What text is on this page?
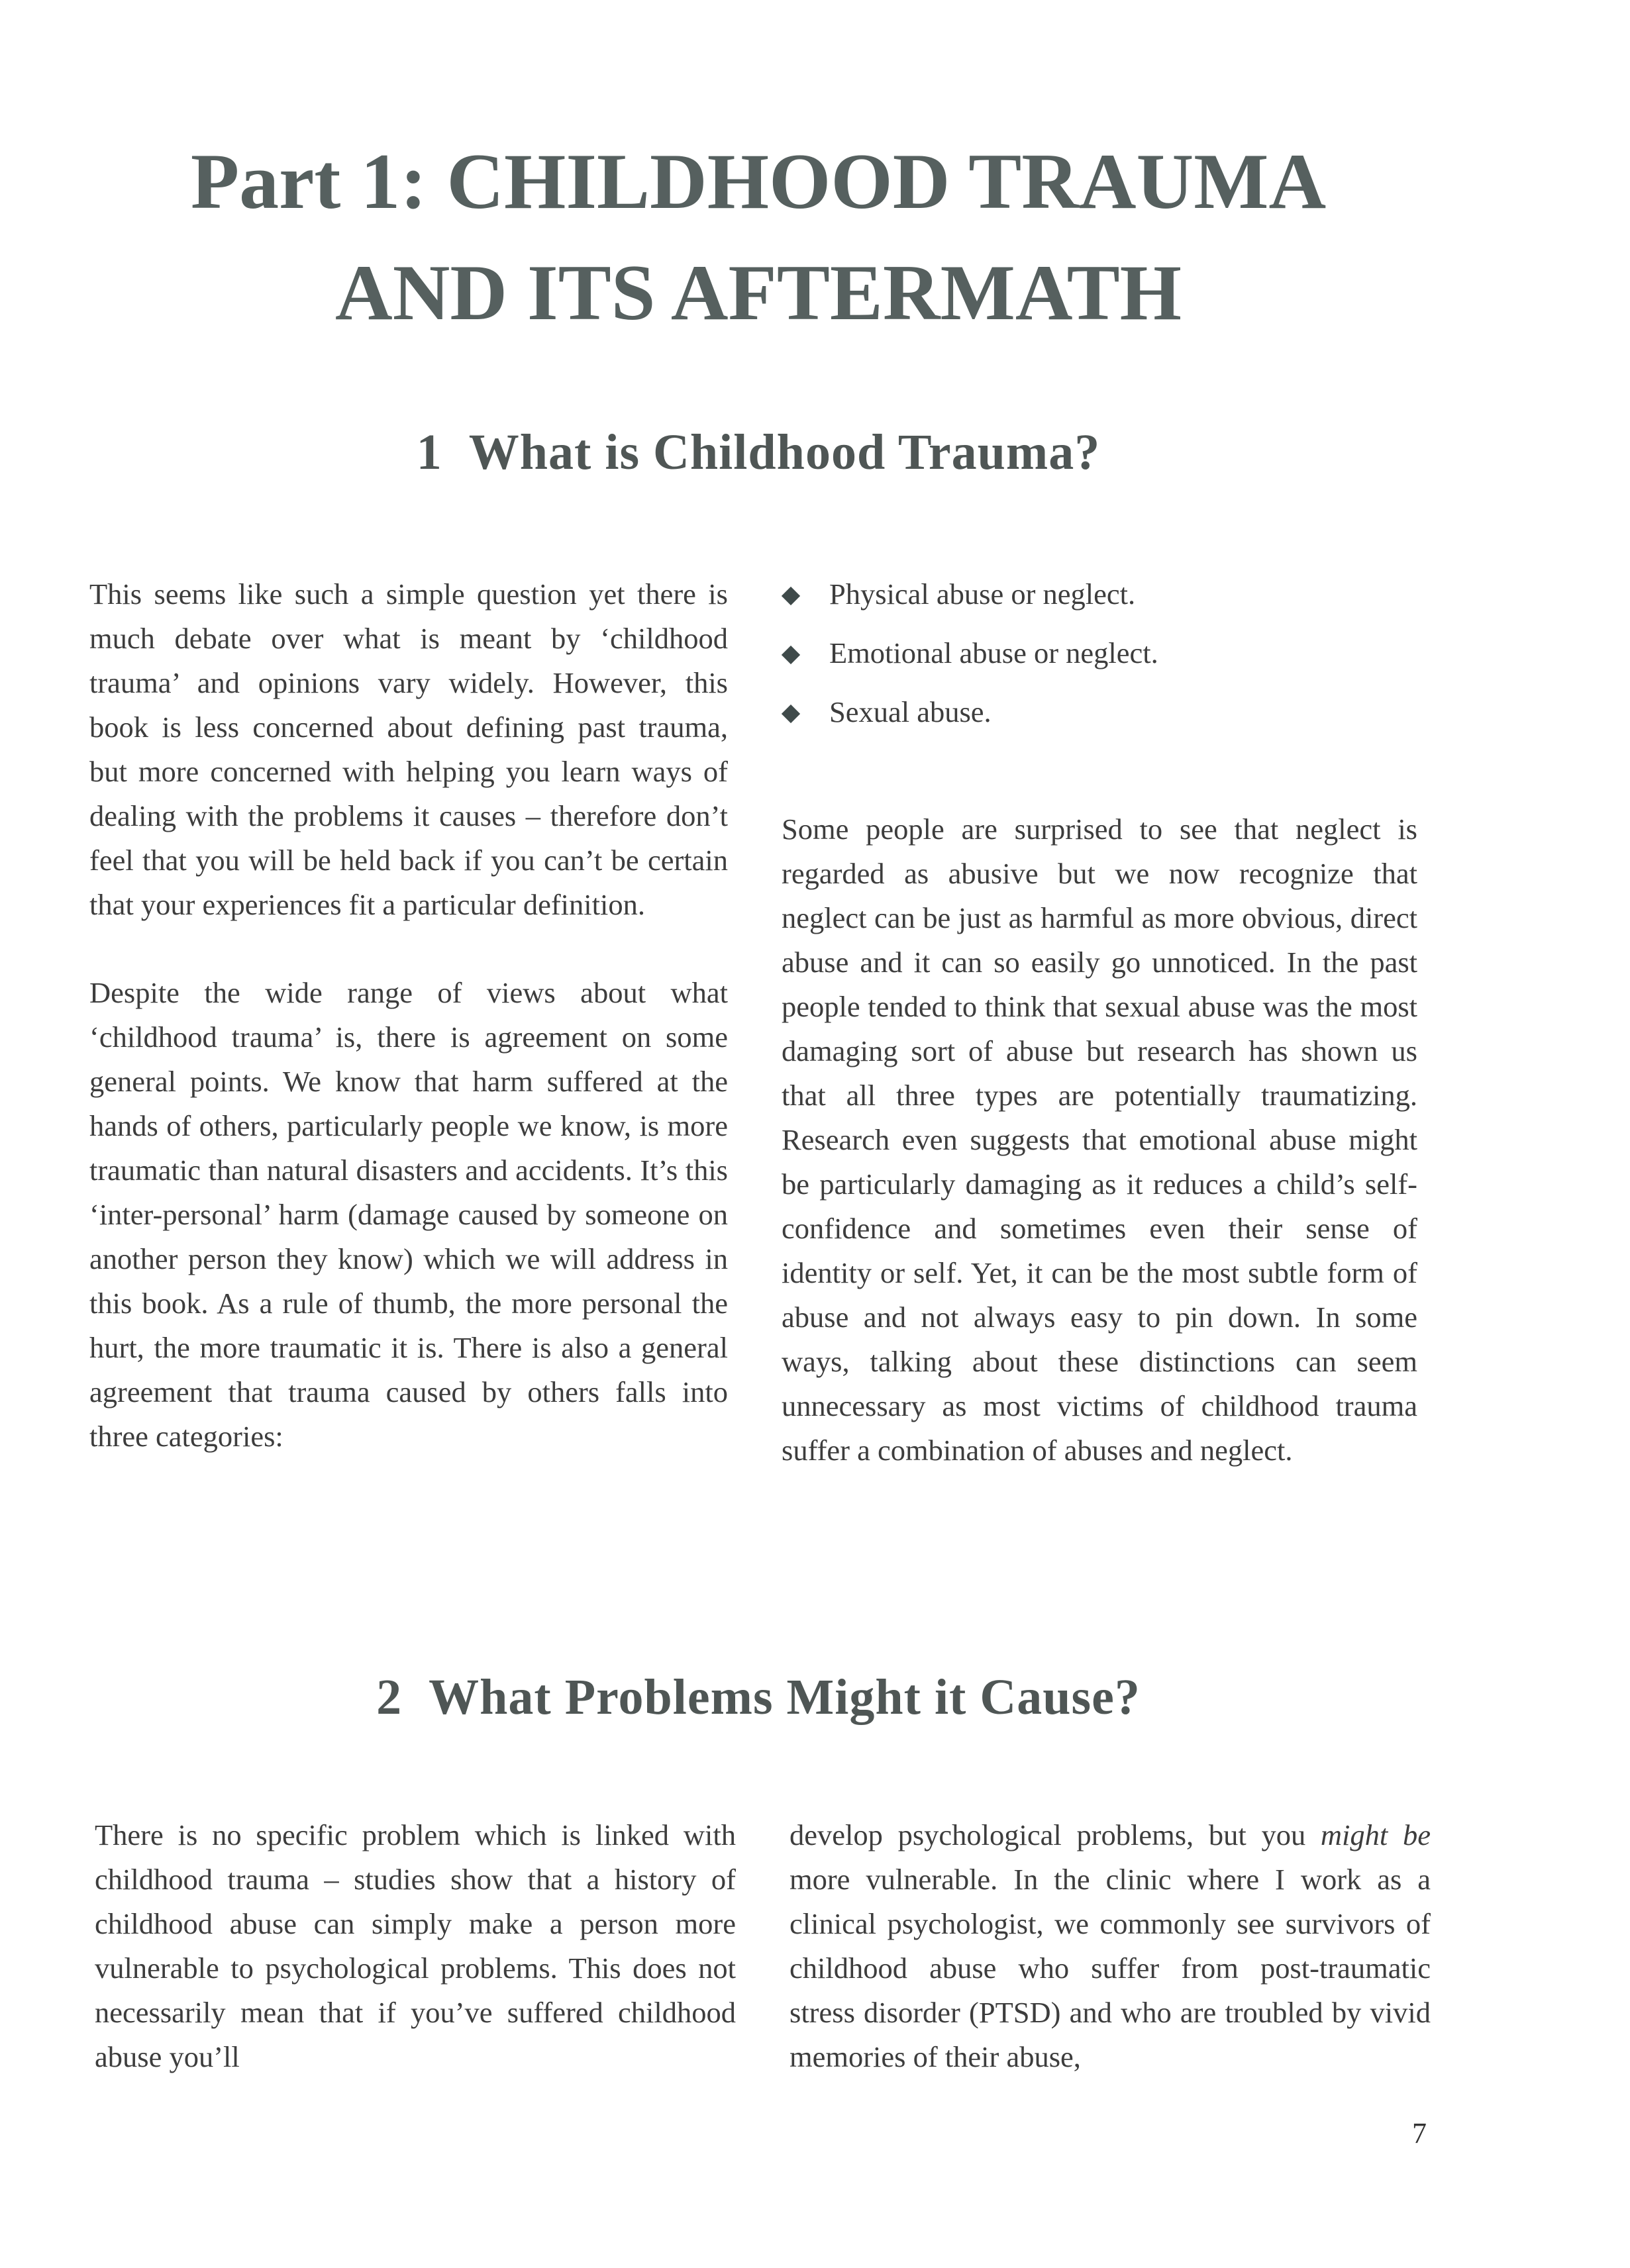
Part 1: CHILDHOOD TRAUMA
AND ITS AFTERMATH
1 What is Childhood Trauma?

This seems like such a simple question yet there is much debate over what is meant by ‘childhood trauma’ and opinions vary widely. However, this book is less concerned about defining past trauma, but more concerned with helping you learn ways of dealing with the problems it causes – therefore don’t feel that you will be held back if you can’t be certain that your experiences fit a particular definition.

Despite the wide range of views about what ‘childhood trauma’ is, there is agreement on some general points. We know that harm suffered at the hands of others, particularly people we know, is more traumatic than natural disasters and accidents. It’s this ‘inter-personal’ harm (damage caused by someone on another person they know) which we will address in this book. As a rule of thumb, the more personal the hurt, the more traumatic it is. There is also a general agreement that trauma caused by others falls into three categories:

Physical abuse or neglect.
Emotional abuse or neglect.
Sexual abuse.

Some people are surprised to see that neglect is regarded as abusive but we now recognize that neglect can be just as harmful as more obvious, direct abuse and it can so easily go unnoticed. In the past people tended to think that sexual abuse was the most damaging sort of abuse but research has shown us that all three types are potentially traumatizing. Research even suggests that emotional abuse might be particularly damaging as it reduces a child’s self-confidence and sometimes even their sense of identity or self. Yet, it can be the most subtle form of abuse and not always easy to pin down. In some ways, talking about these distinctions can seem unnecessary as most victims of childhood trauma suffer a combination of abuses and neglect.

2 What Problems Might it Cause?

There is no specific problem which is linked with childhood trauma – studies show that a history of childhood abuse can simply make a person more vulnerable to psychological problems. This does not necessarily mean that if you’ve suffered childhood abuse you’ll

develop psychological problems, but you might be more vulnerable. In the clinic where I work as a clinical psychologist, we commonly see survivors of childhood abuse who suffer from post-traumatic stress disorder (PTSD) and who are troubled by vivid memories of their abuse,

7
